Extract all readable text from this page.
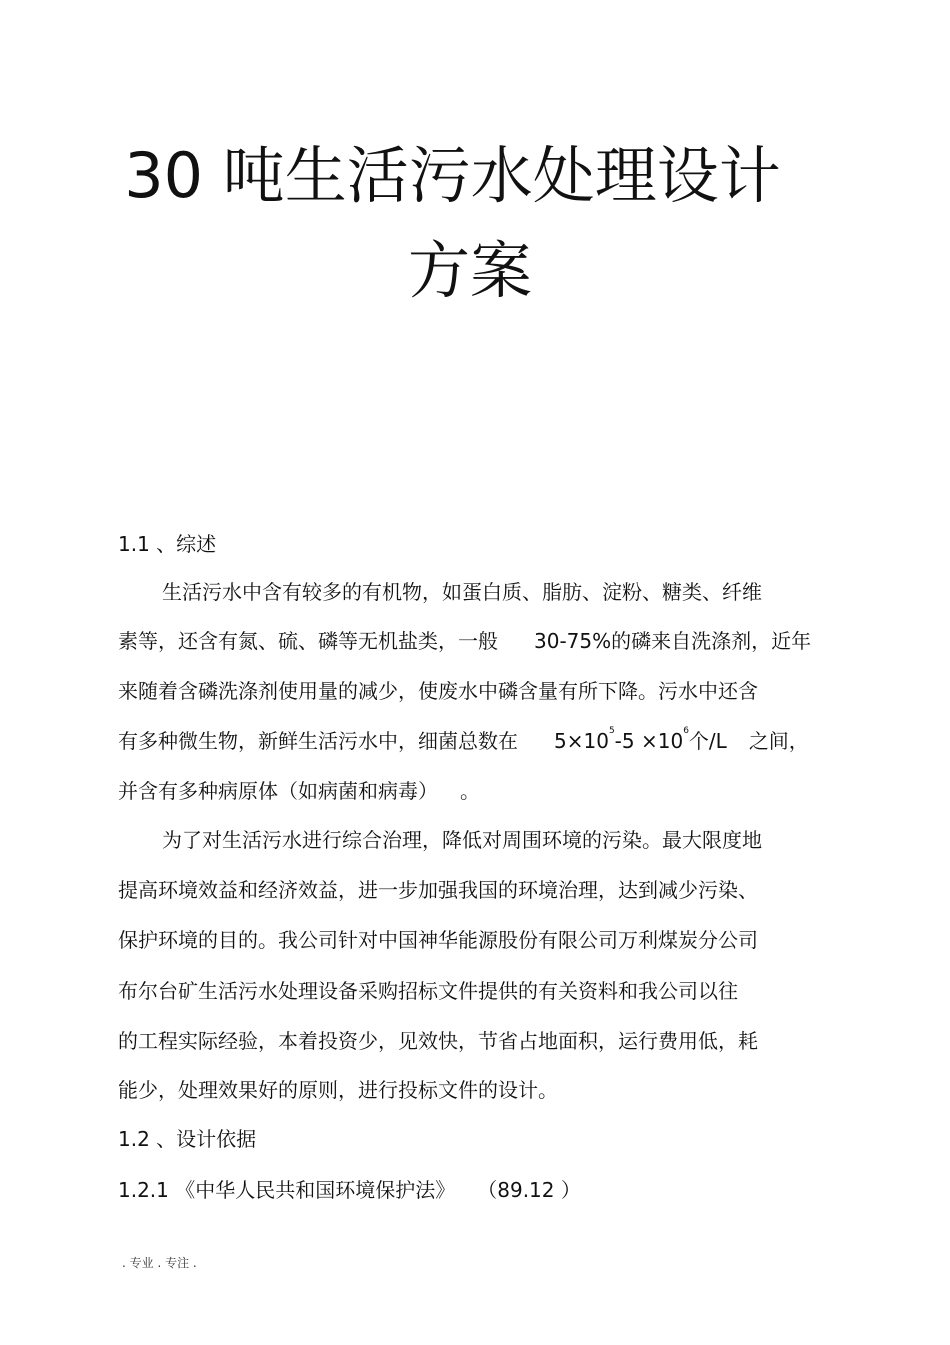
30 吨生活污水处理设计
方案

1.1 、综述

生活污水中含有较多的有机物，如蛋白质、脂肪、淀粉、糖类、纤维

素等，还含有氮、硫、磷等无机盐类，一般 30-75%的磷来自洗涤剂，近年

来随着含磷洗涤剂使用量的减少，使废水中磷含量有所下降。污水中还含

有多种微生物，新鲜生活污水中，细菌总数在 $5\times 10^5-5 \times 10^6$个/L 之间，

并含有多种病原体（如病菌和病毒） 。

为了对生活污水进行综合治理，降低对周围环境的污染。最大限度地

提高环境效益和经济效益，进一步加强我国的环境治理，达到减少污染、

保护环境的目的。我公司针对中国神华能源股份有限公司万利煤炭分公司

布尔台矿生活污水处理设备采购招标文件提供的有关资料和我公司以往

的工程实际经验，本着投资少，见效快，节省占地面积，运行费用低，耗

能少，处理效果好的原则，进行投标文件的设计。

1.2 、设计依据

1.2.1 《中华人民共和国环境保护法》 （89.12 ）

. 专业 . 专注 .
